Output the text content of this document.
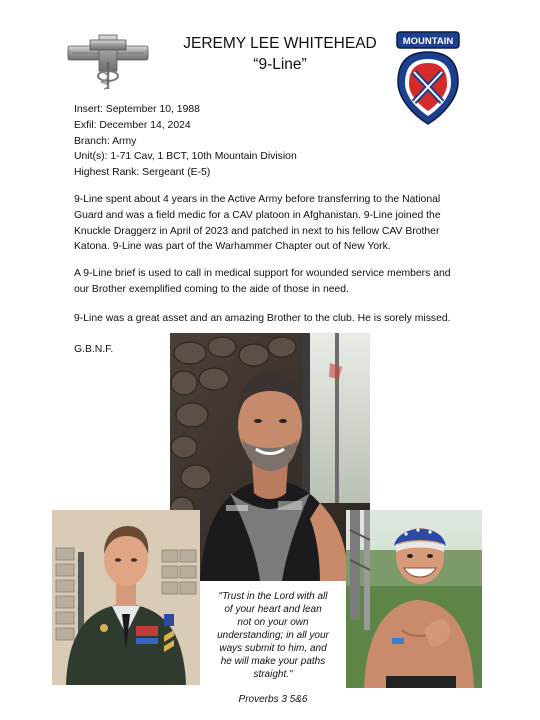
JEREMY LEE WHITEHEAD
“9-Line”
MOUNTAIN
Insert: September 10, 1988
Exfil: December 14, 2024
Branch: Army
Unit(s): 1-71 Cav, 1 BCT, 10th Mountain Division
Highest Rank: Sergeant (E-5)
9-Line spent about 4 years in the Active Army before transferring to the National
Guard and was a field medic for a CAV platoon in Afghanistan. 9-Line joined the
Knuckle Draggerz in April of 2023 and patched in next to his fellow CAV Brother
Katona. 9-Line was part of the Warhammer Chapter out of New York.
A 9-Line brief is used to call in medical support for wounded service members and
our Brother exemplified coming to the aide of those in need.
9-Line was a great asset and an amazing Brother to the club. He is sorely missed.
G.B.N.F.
"Trust in the Lord with all
of your heart and lean
not on your own
understanding; in all your
ways submit to him, and
he will make your paths
straight."
Proverbs 3 5&6
